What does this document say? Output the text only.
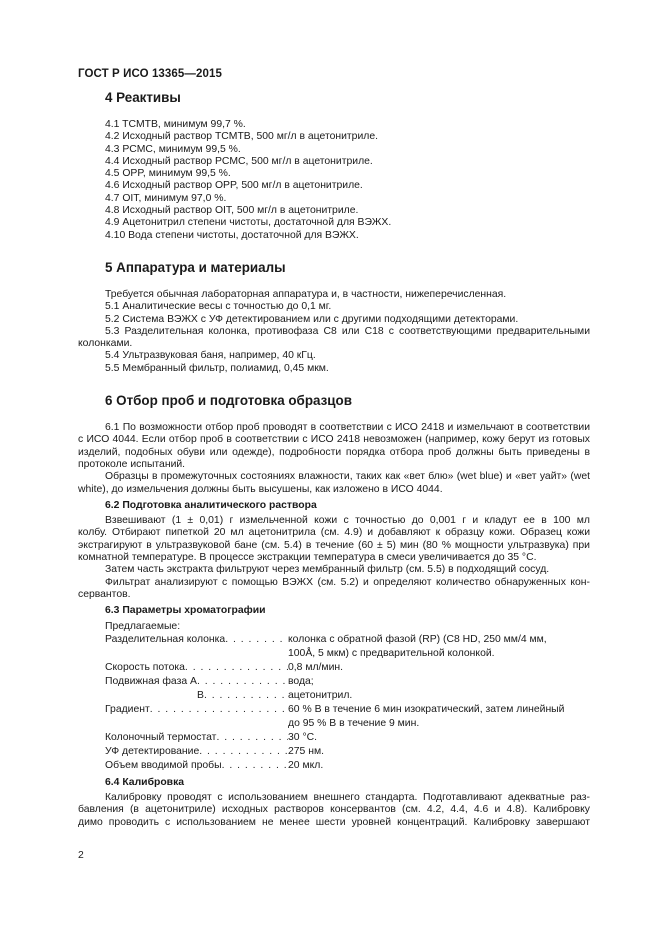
ГОСТ Р ИСО 13365—2015
4 Реактивы
4.1 TCMTB, минимум 99,7 %.
4.2 Исходный раствор TCMTB, 500 мг/л в ацетонитриле.
4.3 PCMC, минимум 99,5 %.
4.4 Исходный раствор PCMC, 500 мг/л в ацетонитриле.
4.5 OPP, минимум 99,5 %.
4.6 Исходный раствор OPP, 500 мг/л в ацетонитриле.
4.7 OIT, минимум 97,0 %.
4.8 Исходный раствор OIT, 500 мг/л в ацетонитриле.
4.9 Ацетонитрил степени чистоты, достаточной для ВЭЖХ.
4.10 Вода степени чистоты, достаточной для ВЭЖХ.
5 Аппаратура и материалы
Требуется обычная лабораторная аппаратура и, в частности, нижеперечисленная.
5.1 Аналитические весы с точностью до 0,1 мг.
5.2 Система ВЭЖХ с УФ детектированием или с другими подходящими детекторами.
5.3 Разделительная колонка, противофаза С8 или С18 с соответствующими предварительными
колонками.
5.4 Ультразвуковая баня, например, 40 кГц.
5.5 Мембранный фильтр, полиамид, 0,45 мкм.
6 Отбор проб и подготовка образцов
6.1 По возможности отбор проб проводят в соответствии с ИСО 2418 и измельчают в соответствии
с ИСО 4044. Если отбор проб в соответствии с ИСО 2418 невозможен (например, кожу берут из готовых
изделий, подобных обуви или одежде), подробности порядка отбора проб должны быть приведены в
протоколе испытаний.
Образцы в промежуточных состояниях влажности, таких как «вет блю» (wet blue) и «вет уайт» (wet
white), до измельчения должны быть высушены, как изложено в ИСО 4044.
6.2 Подготовка аналитического раствора
Взвешивают (1 ± 0,01) г измельченной кожи с точностью до 0,001 г и кладут ее в 100 мл
колбу. Отбирают пипеткой 20 мл ацетонитрила (см. 4.9) и добавляют к образцу кожи. Образец кожи
экстрагируют в ультразвуковой бане (см. 5.4) в течение (60 ± 5) мин (80 % мощности ультразвука) при
комнатной температуре. В процессе экстракции температура в смеси увеличивается до 35 °С.
Затем часть экстракта фильтруют через мембранный фильтр (см. 5.5) в подходящий сосуд.
Фильтрат анализируют с помощью ВЭЖХ (см. 5.2) и определяют количество обнаруженных кон-
сервантов.
6.3 Параметры хроматографии
Предлагаемые:
Разделительная колонка . . .	колонка с обратной фазой (RP) (C8 HD, 250 мм/4 мм,
100Å, 5 мкм) с предварительной колонкой.
Скорость потока . . .	0,8 мл/мин.
Подвижная фаза А . . .	вода;
В . . .	ацетонитрил.
Градиент . . .	60 % В в течение 6 мин изократический, затем линейный
до 95 % В в течение 9 мин.
Колоночный термостат . . .	30 °С.
УФ детектирование . . .	275 нм.
Объем вводимой пробы . . .	20 мкл.
6.4 Калибровка
Калибровку проводят с использованием внешнего стандарта. Подготавливают адекватные раз-
бавления (в ацетонитриле) исходных растворов консервантов (см. 4.2, 4.4, 4.6 и 4.8). Калибровку
димо проводить с использованием не менее шести уровней концентраций. Калибровку завершают
2
